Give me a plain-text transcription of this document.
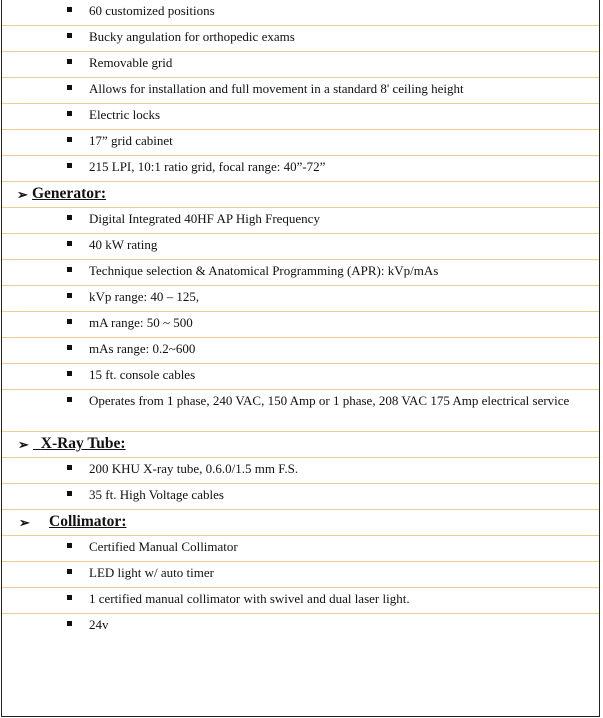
60 customized positions
Bucky angulation for orthopedic exams
Removable grid
Allows for installation and full movement in a standard 8' ceiling height
Electric locks
17” grid cabinet
215 LPI, 10:1 ratio grid, focal range: 40”-72”
➢ Generator:
Digital Integrated 40HF AP High Frequency
40 kW rating
Technique selection & Anatomical Programming (APR): kVp/mAs
kVp range: 40 – 125,
mA range: 50 ~ 500
mAs range: 0.2~600
15 ft. console cables
Operates from 1 phase, 240 VAC, 150 Amp or 1 phase, 208 VAC 175 Amp electrical service
➢ X-Ray Tube:
200 KHU X-ray tube, 0.6.0/1.5 mm F.S.
35 ft. High Voltage cables
➢ Collimator:
Certified Manual Collimator
LED light w/ auto timer
1 certified manual collimator with swivel and dual laser light.
24v
